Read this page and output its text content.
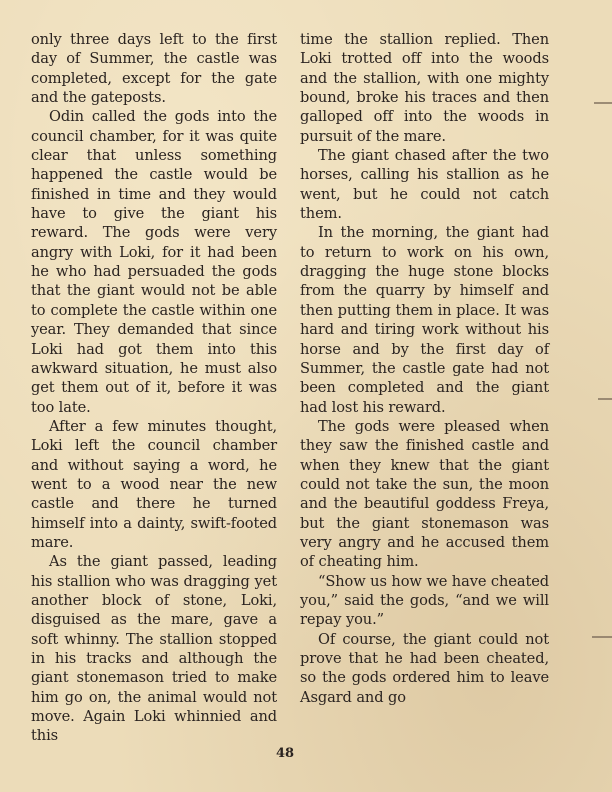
only three days left to the first day of Summer, the castle was completed, except for the gate and the gateposts.

Odin called the gods into the council chamber, for it was quite clear that unless something happened the castle would be finished in time and they would have to give the giant his reward. The gods were very angry with Loki, for it had been he who had persuaded the gods that the giant would not be able to complete the castle within one year. They demanded that since Loki had got them into this awkward situation, he must also get them out of it, before it was too late.

After a few minutes thought, Loki left the council chamber and without saying a word, he went to a wood near the new castle and there he turned himself into a dainty, swift-footed mare.

As the giant passed, leading his stallion who was dragging yet another block of stone, Loki, disguised as the mare, gave a soft whinny. The stallion stopped in his tracks and although the giant stonemason tried to make him go on, the animal would not move. Again Loki whinnied and this

time the stallion replied. Then Loki trotted off into the woods and the stallion, with one mighty bound, broke his traces and then galloped off into the woods in pursuit of the mare.

The giant chased after the two horses, calling his stallion as he went, but he could not catch them.

In the morning, the giant had to return to work on his own, dragging the huge stone blocks from the quarry by himself and then putting them in place. It was hard and tiring work without his horse and by the first day of Summer, the castle gate had not been completed and the giant had lost his reward.

The gods were pleased when they saw the finished castle and when they knew that the giant could not take the sun, the moon and the beautiful goddess Freya, but the giant stonemason was very angry and he accused them of cheating him.

“Show us how we have cheated you,” said the gods, “and we will repay you.”

Of course, the giant could not prove that he had been cheated, so the gods ordered him to leave Asgard and go

48
